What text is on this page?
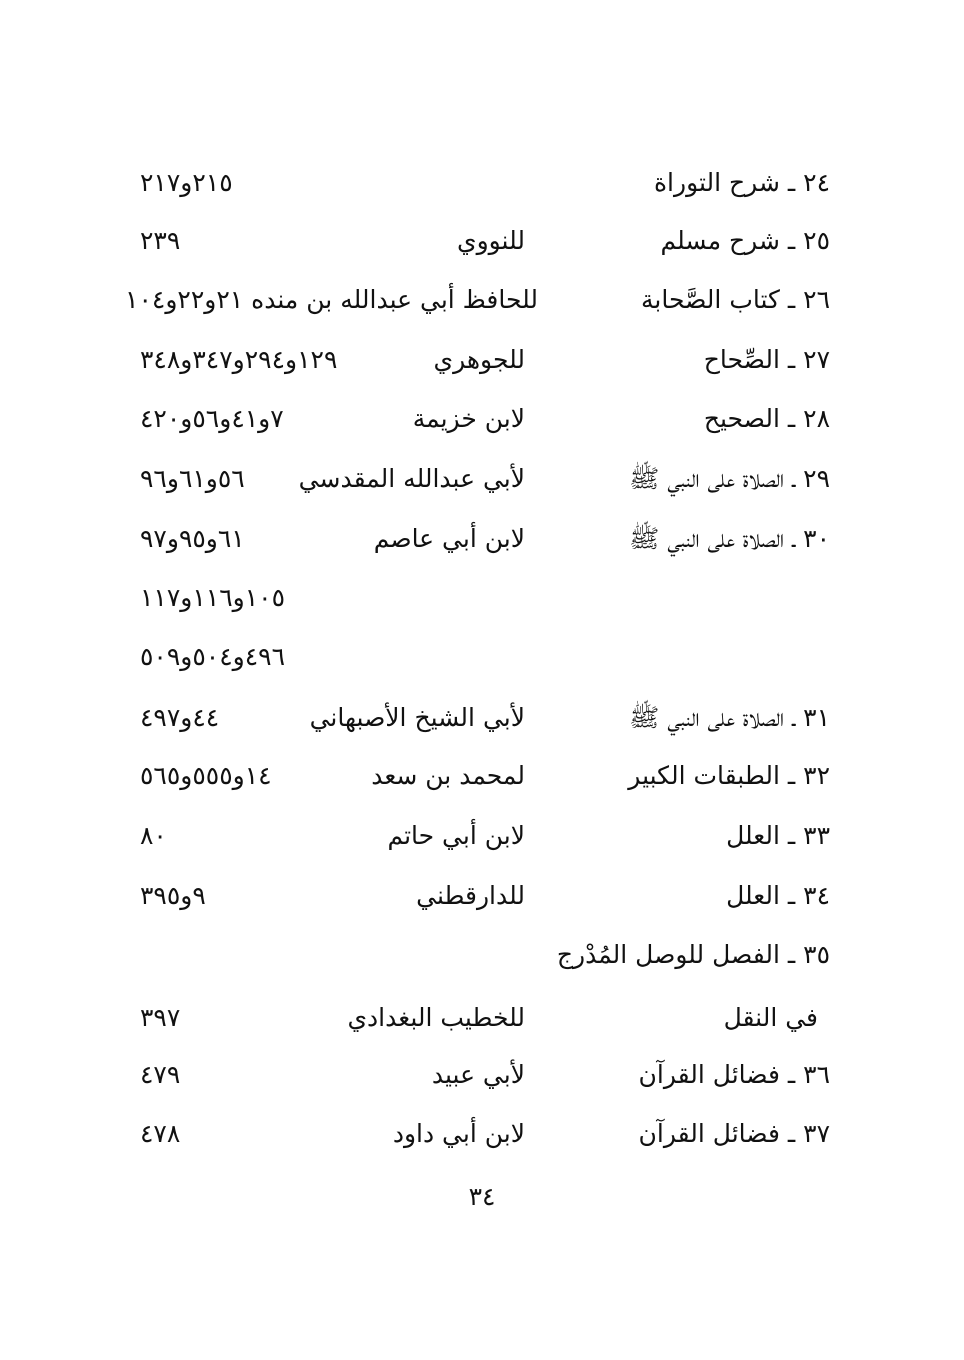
٢٤ ـ شرح التوراة
٢١٥و٢١٧
٢٥ ـ شرح مسلم
للنووي
٢٣٩
٢٦ ـ كتاب الصَّحابة
للحافظ أبي عبدالله بن منده ٢١و٢٢و١٠٤
٢٧ ـ الصِّحاح
للجوهري
١٢٩و٢٩٤و٣٤٧و٣٤٨
٢٨ ـ الصحيح
لابن خزيمة
٧و٤١و٥٦و٤٢٠
٢٩ ـ الصلاة على النبي ﷺ
لأبي عبدالله المقدسي
٥٦و٦١و٩٦
٣٠ ـ الصلاة على النبي ﷺ
لابن أبي عاصم
٦١و٩٥و٩٧
١٠٥و١١٦و١١٧
٤٩٦و٥٠٤و٥٠٩
٣١ ـ الصلاة على النبي ﷺ
لأبي الشيخ الأصبهاني
٤٤و٤٩٧
٣٢ ـ الطبقات الكبير
لمحمد بن سعد
١٤و٥٥٥و٥٦٥
٣٣ ـ العلل
لابن أبي حاتم
٨٠
٣٤ ـ العلل
للدارقطني
٩و٣٩٥
٣٥ ـ الفصل للوصل المُدْرج
في النقل
للخطيب البغدادي
٣٩٧
٣٦ ـ فضائل القرآن
لأبي عبيد
٤٧٩
٣٧ ـ فضائل القرآن
لابن أبي داود
٤٧٨
٣٤
